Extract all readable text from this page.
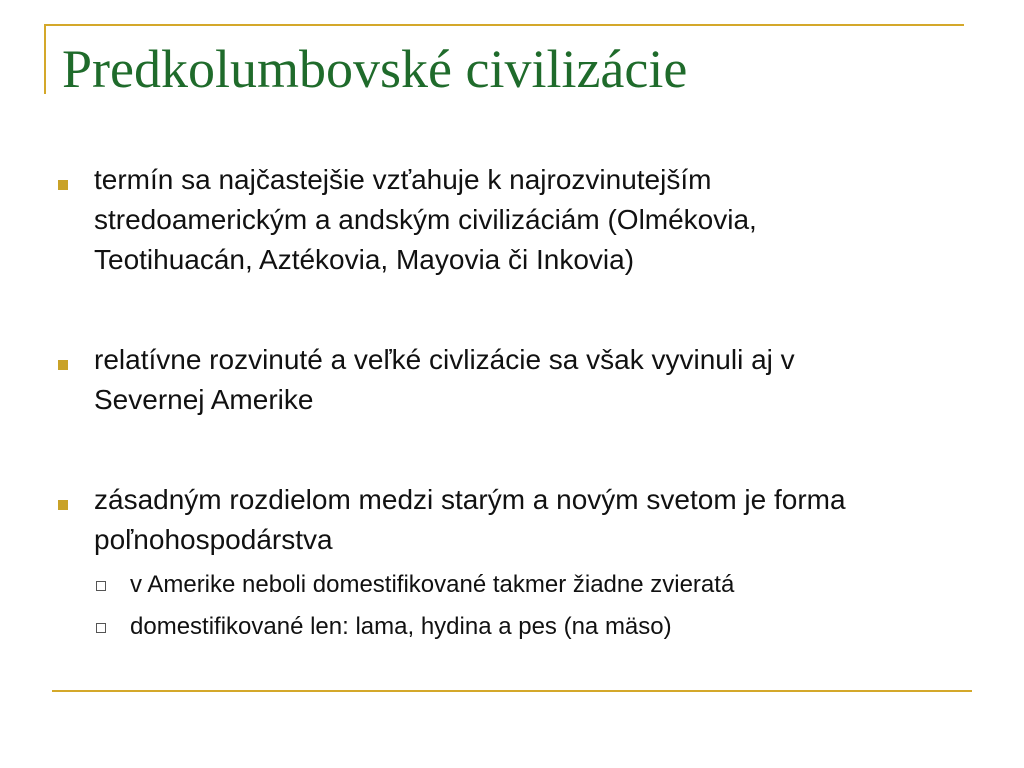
Predkolumbovské civilizácie
termín sa najčastejšie vzťahuje k najrozvinutejším
stredoamerickým a andským civilizáciám (Olmékovia,
Teotihuacán, Aztékovia, Mayovia či Inkovia)
relatívne rozvinuté a veľké civlizácie sa však vyvinuli aj v
Severnej Amerike
zásadným rozdielom medzi starým a novým svetom je forma
poľnohospodárstva
v Amerike neboli domestifikované takmer žiadne zvieratá
domestifikované len: lama, hydina a pes (na mäso)
